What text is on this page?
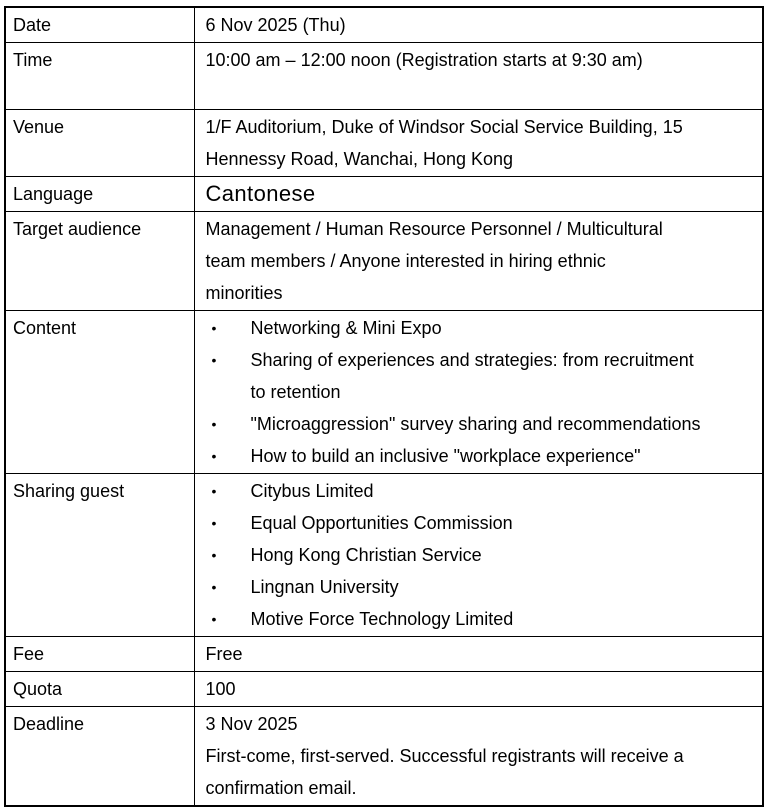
Date	6 Nov 2025 (Thu)

Time	10:00 am – 12:00 noon (Registration starts at 9:30 am)

Venue	1/F Auditorium, Duke of Windsor Social Service Building, 15
Hennessy Road, Wanchai, Hong Kong

Language	Cantonese

Target audience	Management / Human Resource Personnel / Multicultural
team members / Anyone interested in hiring ethnic
minorities

Content	•	Networking & Mini Expo
•	Sharing of experiences and strategies: from recruitment
to retention
•	"Microaggression" survey sharing and recommendations
•	How to build an inclusive "workplace experience"

Sharing guest	•	Citybus Limited
•	Equal Opportunities Commission
•	Hong Kong Christian Service
•	Lingnan University
•	Motive Force Technology Limited

Fee	Free

Quota	100

Deadline	3 Nov 2025
First-come, first-served. Successful registrants will receive a
confirmation email.
